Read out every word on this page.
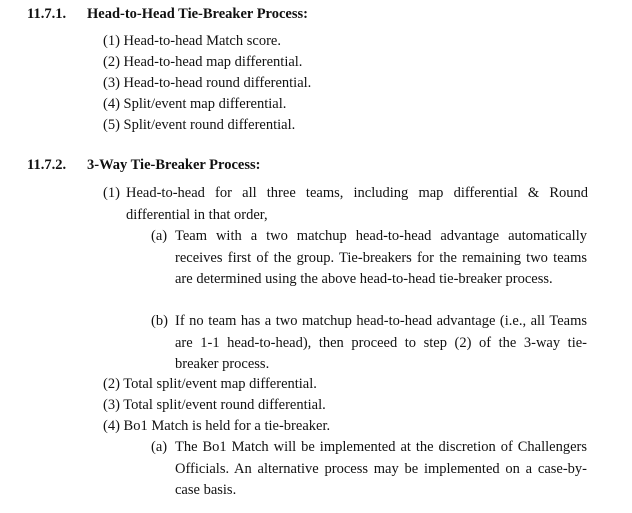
11.7.1. Head-to-Head Tie-Breaker Process:
(1) Head-to-head Match score.
(2) Head-to-head map differential.
(3) Head-to-head round differential.
(4) Split/event map differential.
(5) Split/event round differential.
11.7.2. 3-Way Tie-Breaker Process:
(1) Head-to-head for all three teams, including map differential & Round differential in that order,
(a) Team with a two matchup head-to-head advantage automatically receives first of the group. Tie-breakers for the remaining two teams are determined using the above head-to-head tie-breaker process.
(b) If no team has a two matchup head-to-head advantage (i.e., all Teams are 1-1 head-to-head), then proceed to step (2) of the 3-way tie-breaker process.
(2) Total split/event map differential.
(3) Total split/event round differential.
(4) Bo1 Match is held for a tie-breaker.
(a) The Bo1 Match will be implemented at the discretion of Challengers Officials. An alternative process may be implemented on a case-by-case basis.
